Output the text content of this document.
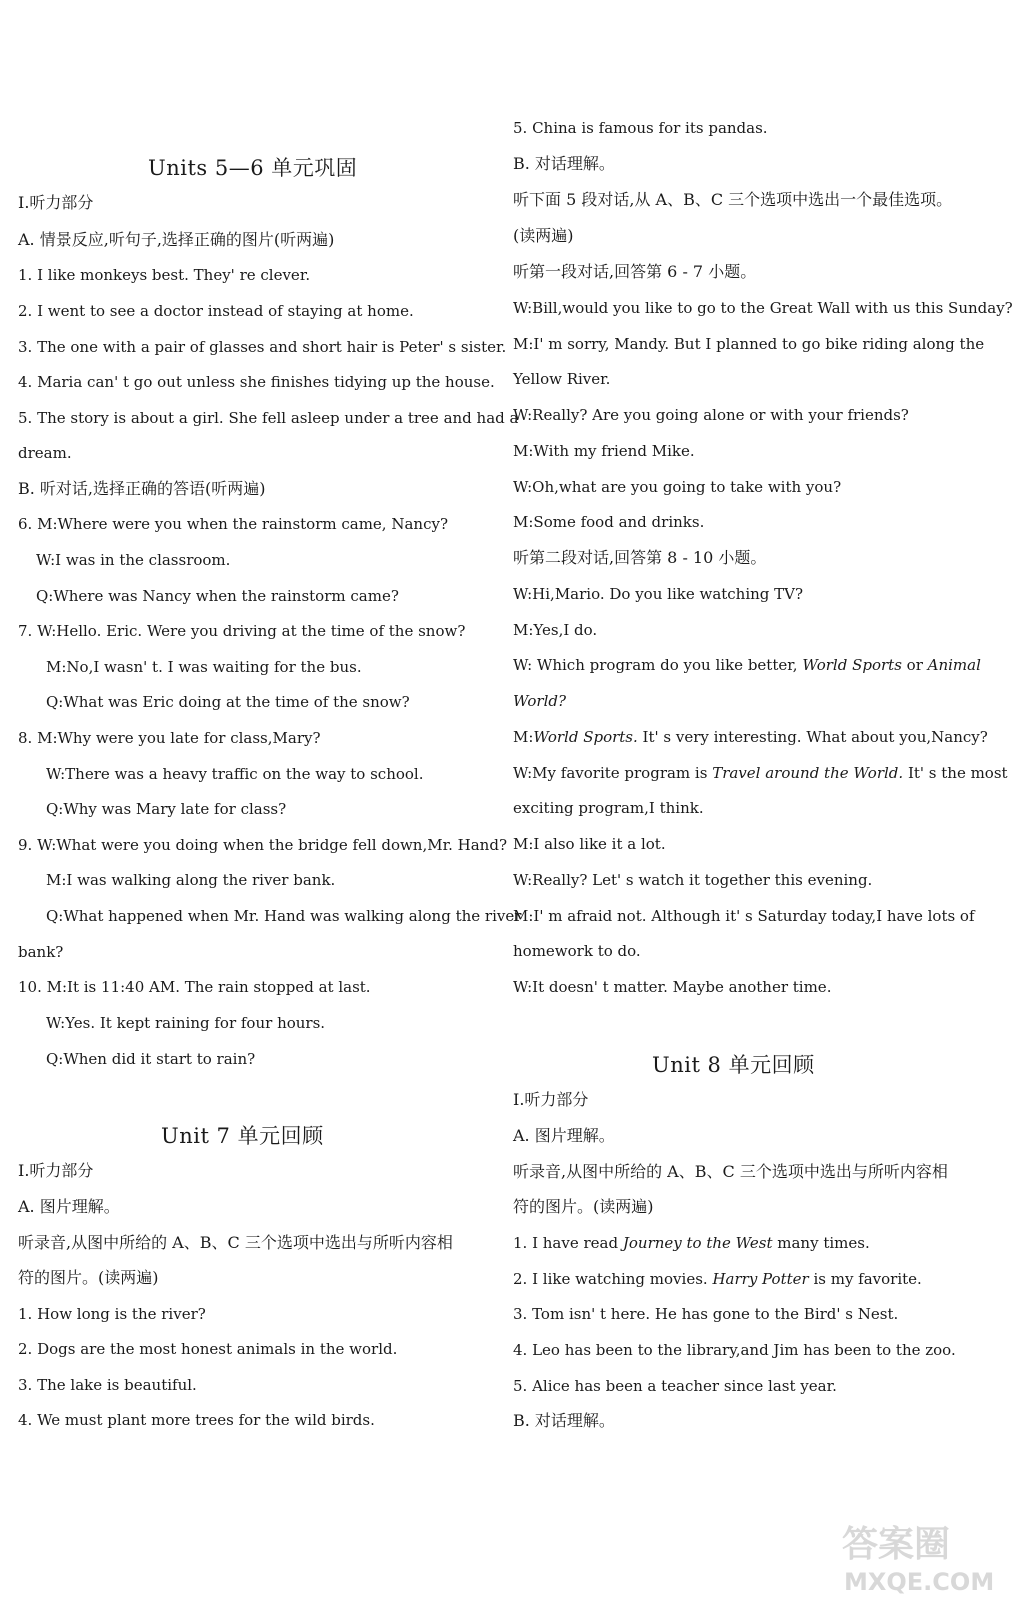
Units 5—6 单元巩固
Ⅰ.听力部分
A. 情景反应,听句子,选择正确的图片(听两遍)
1. I like monkeys best. They' re clever.
2. I went to see a doctor instead of staying at home.
3. The one with a pair of glasses and short hair is Peter' s sister.
4. Maria can' t go out unless she finishes tidying up the house.
5. The story is about a girl. She fell asleep under a tree and had a
dream.
B. 听对话,选择正确的答语(听两遍)
6. M:Where were you when the rainstorm came, Nancy?
W:I was in the classroom.
Q:Where was Nancy when the rainstorm came?
7. W:Hello. Eric. Were you driving at the time of the snow?
M:No,I wasn' t. I was waiting for the bus.
Q:What was Eric doing at the time of the snow?
8. M:Why were you late for class,Mary?
W:There was a heavy traffic on the way to school.
Q:Why was Mary late for class?
9. W:What were you doing when the bridge fell down,Mr. Hand?
M:I was walking along the river bank.
Q:What happened when Mr. Hand was walking along the river
bank?
10. M:It is 11:40 AM. The rain stopped at last.
W:Yes. It kept raining for four hours.
Q:When did it start to rain?
Unit 7 单元回顾
Ⅰ.听力部分
A. 图片理解。
听录音,从图中所给的 A、B、C 三个选项中选出与所听内容相
符的图片。(读两遍)
1. How long is the river?
2. Dogs are the most honest animals in the world.
3. The lake is beautiful.
4. We must plant more trees for the wild birds.
5. China is famous for its pandas.
B. 对话理解。
听下面 5 段对话,从 A、B、C 三个选项中选出一个最佳选项。
(读两遍)
听第一段对话,回答第 6 - 7 小题。
W:Bill,would you like to go to the Great Wall with us this Sunday?
M:I' m sorry, Mandy. But I planned to go bike riding along the
Yellow River.
W:Really? Are you going alone or with your friends?
M:With my friend Mike.
W:Oh,what are you going to take with you?
M:Some food and drinks.
听第二段对话,回答第 8 - 10 小题。
W:Hi,Mario. Do you like watching TV?
M:Yes,I do.
W: Which program do you like better, World Sports or Animal
World?
M:World Sports. It' s very interesting. What about you,Nancy?
W:My favorite program is Travel around the World. It' s the most
exciting program,I think.
M:I also like it a lot.
W:Really? Let' s watch it together this evening.
M:I' m afraid not. Although it' s Saturday today,I have lots of
homework to do.
W:It doesn' t matter. Maybe another time.
Unit 8 单元回顾
Ⅰ.听力部分
A. 图片理解。
听录音,从图中所给的 A、B、C 三个选项中选出与所听内容相
符的图片。(读两遍)
1. I have read Journey to the West many times.
2. I like watching movies. Harry Potter is my favorite.
3. Tom isn' t here. He has gone to the Bird' s Nest.
4. Leo has been to the library,and Jim has been to the zoo.
5. Alice has been a teacher since last year.
B. 对话理解。
答案圈
MXQE.COM
